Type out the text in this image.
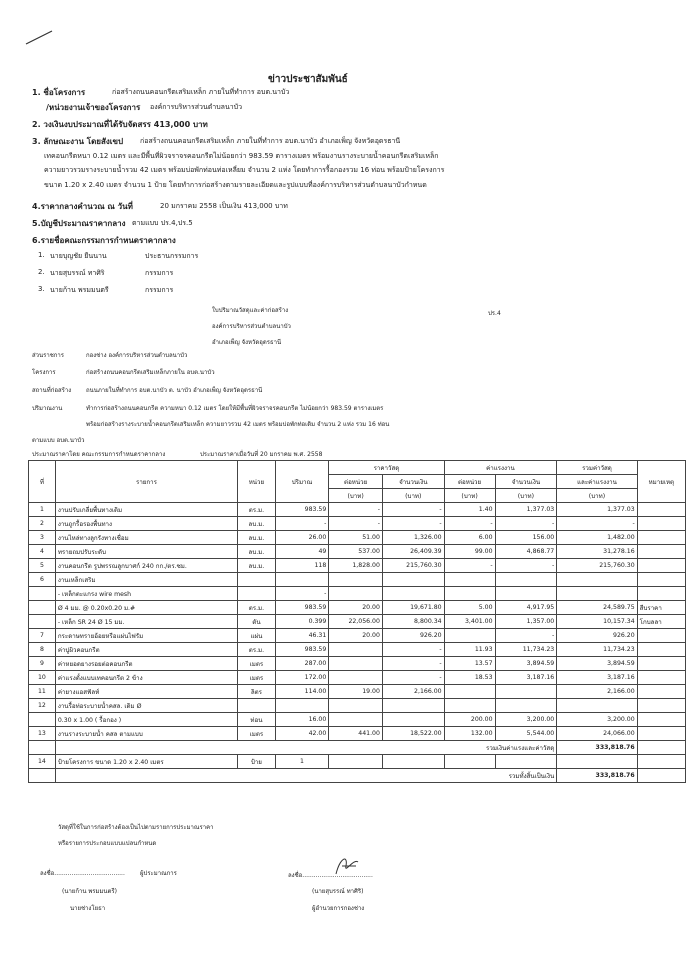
ข่าวประชาสัมพันธ์
1. ชื่อโครงการ	ก่อสร้างถนนคอนกรีตเสริมเหล็ก ภายในที่ทำการ อบต.นาบัว
/หน่วยงานเจ้าของโครงการ องค์การบริหารส่วนตำบลนาบัว
2. วงเงินงบประมาณที่ได้รับจัดสรร 413,000 บาท
3. ลักษณะงาน โดยสังเขป ก่อสร้างถนนคอนกรีตเสริมเหล็ก ภายในที่ทำการ อบต.นาบัว อำเภอเพ็ญ จังหวัดอุดรธานี
เทคอนกรีตหนา 0.12 เมตร และมีพื้นที่ผิวจราจรคอนกรีตไม่น้อยกว่า 983.59 ตารางเมตร พร้อมงานรางระบายน้ำคอนกรีตเสริมเหล็ก
ความยาวรวมรางระบายน้ำรวม 42 เมตร พร้อมบ่อพักท่อนท่อเหลี่ยม จำนวน 2 แห่ง โดยทำการรื้อกองรวม 16 ท่อน พร้อมป้ายโครงการ
ขนาด 1.20 x 2.40 เมตร จำนวน 1 ป้าย โดยทำการก่อสร้างตามรายละเอียดและรูปแบบที่องค์การบริหารส่วนตำบลนาบัวกำหนด
4.ราคากลางคำนวณ ณ วันที่	20 มกราคม 2558 เป็นเงิน 413,000 บาท
5.บัญชีประมาณราคากลาง ตามแบบ ปร.4,ปร.5
6.รายชื่อคณะกรรมการกำหนดราคากลาง
1. นายบุญชัย ยืนนาน	ประธานกรรมการ
2. นายสุบรรณ์ ทาศิริ	กรรมการ
3. นายก้าน พรมมนตรี	กรรมการ
ใบปริมาณวัสดุและค่าก่อสร้าง
องค์การบริหารส่วนตำบลนาบัว
อำเภอเพ็ญ จังหวัดอุดรธานี
ปร.4
ส่วนราชการ	กองช่าง องค์การบริหารส่วนตำบลนาบัว
โครงการ	ก่อสร้างถนนคอนกรีตเสริมเหล็กภายใน อบต.นาบัว
สถานที่ก่อสร้าง ถนนภายในที่ทำการ อบต.นาบัว ต. นาบัว อำเภอเพ็ญ จังหวัดอุดรธานี
ปริมาณงาน	ทำการก่อสร้างถนนคอนกรีต ความหนา 0.12 เมตร โดยให้มีพื้นที่ผิวจราจรคอนกรีต ไม่น้อยกว่า 983.59 ตารางเมตร
พร้อมก่อสร้างรางระบายน้ำคอนกรีตเสริมเหล็ก ความยาวรวม 42 เมตร พร้อมบ่อพักท่อเดิม จำนวน 2 แห่ง รวม 16 ท่อน
ตามแบบ อบต.นาบัว
ประมาณราคาโดย คณะกรรมการกำหนดราคากลาง	ประมาณราคาเมื่อวันที่ 20 มกราคม พ.ศ. 2558
ที่	รายการ	หน่วย	ปริมาณ	ราคาวัสดุ		ค่าแรงงาน		รวมค่าวัสดุ	หมายเหตุ
				ต่อหน่วย	จำนวนเงิน	ต่อหน่วย	จำนวนเงิน	และค่าแรงงาน	
				(บาท)	(บาท)	(บาท)	(บาท)	(บาท)	
1	งานปรับเกลี่ยพื้นทางเดิม	ตร.ม.	983.59	-	-	1.40	1,377.03	1,377.03	
2	งานถูกรื้อรองพื้นทาง	ลบ.ม.	-	-	-	-	-	-	
3	งานไหล่ทางลูกรังทางเชื่อม	ลบ.ม.	26.00	51.00	1,326.00	6.00	156.00	1,482.00	
4	ทรายถมปรับระดับ	ลบ.ม.	49	537.00	26,409.39	99.00	4,868.77	31,278.16	
5	งานคอนกรีต รูปพรรณลูกบาศก์ 240 กก./ตร.ซม.	ลบ.ม.	118	1,828.00	215,760.30	-	-	215,760.30	
6	งานเหล็กเสริม								
	- เหล็กตะแกรง wire mesh		-						
	Ø 4 มม. @ 0.20x0.20 ม.#	ตร.ม.	983.59	20.00	19,671.80	5.00	4,917.95	24,589.75	สืบราคา
	- เหล็ก SR 24 Ø 15 มม.	ตัน	0.399	22,056.00	8,800.34	3,401.00	1,357.00	10,157.34	โกบลลา
7	กระดาษทรายอ้อยหรือแผ่นไฟรัม	แผ่น	46.31	20.00	926.20		-	926.20	
8	ค่าปูผิวคอนกรีต	ตร.ม.	983.59		-	11.93	11,734.23	11,734.23	
9	ค่าหยอดยางรอยต่อคอนกรีต	เมตร	287.00		-	13.57	3,894.59	3,894.59	
10	ค่าแรงตั้งแบบเทคอนกรีต 2 ข้าง	เมตร	172.00		-	18.53	3,187.16	3,187.16	
11	ค่ายางแอสฟัลท์	ลิตร	114.00	19.00	2,166.00			2,166.00	
12	งานรื้อท่อระบายน้ำคสล. เดิม Ø								
	0.30 x 1.00 ( รื้อกอง )	ท่อน	16.00			200.00	3,200.00	3,200.00	
13	งานรางระบายน้ำ คสล ตามแบบ	เมตร	42.00	441.00	18,522.00	132.00	5,544.00	24,066.00	
	รวมเงินค่าแรงและค่าวัสดุ							333,818.76	
14	ป้ายโครงการ ขนาด 1.20 x 2.40 เมตร	ป้าย	1						
	รวมทั้งสิ้นเป็นเงิน							333,818.76	
วัสดุที่ใช้ในการก่อสร้างต้องเป็นไปตามรายการประมาณราคา
หรือรายการประกอบแบบแปลนกำหนด
ลงชื่อ.....................................	ผู้ประมาณการ
(นายก้าน พรมมนตรี)
นายช่างโยธา
ลงชื่อ.....................................
(นายสุบรรณ์ ทาศิริ)
ผู้อำนวยการกองช่าง
